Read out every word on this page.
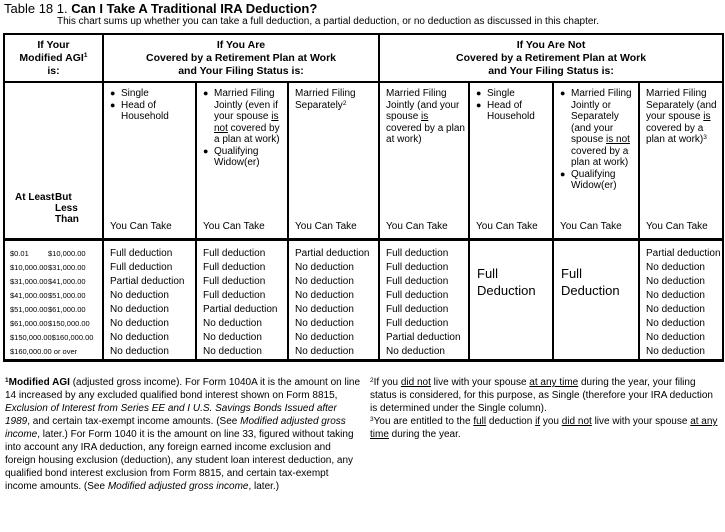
Table 18 1. Can I Take A Traditional IRA Deduction?
This chart sums up whether you can take a full deduction, a partial deduction, or no deduction as discussed in this chapter.
If Your
Modified AGI$^1$
is:

If You Are
Covered by a Retirement Plan at Work
and Your Filing Status is:

If You Are Not
Covered by a Retirement Plan at Work
and Your Filing Status is:

At Least But Less Than

● Single
● Head of Household
You Can Take

● Married Filing Jointly (even if your spouse is not covered by a plan at work)
● Qualifying Widow(er)
You Can Take

Married Filing Separately$^2$
You Can Take

Married Filing Jointly (and your spouse is covered by a plan at work)
You Can Take

● Single
● Head of Household
You Can Take

● Married Filing Jointly or Separately (and your spouse is not covered by a plan at work)
● Qualifying Widow(er)
You Can Take

Married Filing Separately (and your spouse is covered by a plan at work)$^3$
You Can Take

$0.01 $10,000.00	Full deduction	Full deduction	Partial deduction	Full deduction	Full Deduction	Full Deduction	Partial deduction

$10,000.00 $31,000.00	Full deduction	Full deduction	No deduction	Full deduction			No deduction

$31,000.00 $41,000.00	Partial deduction	Full deduction	No deduction	Full deduction			No deduction

$41,000.00 $51,000.00	No deduction	Full deduction	No deduction	Full deduction			No deduction

$51,000.00 $61,000.00	No deduction	Partial deduction	No deduction	Full deduction			No deduction

$61,000.00 $150,000.00	No deduction	No deduction	No deduction	Full deduction			No deduction

$150,000.00 $160,000.00	No deduction	No deduction	No deduction	Partial deduction			No deduction

$160,000.00 or over	No deduction	No deduction	No deduction	No deduction			No deduction
$^1$Modified AGI (adjusted gross income). For Form 1040A it is the amount on line 14 increased by any excluded qualified bond interest shown on Form 8815, Exclusion of Interest from Series EE and I U.S. Savings Bonds Issued after 1989, and certain tax-exempt income amounts. (See Modified adjusted gross income, later.) For Form 1040 it is the amount on line 33, figured without taking into account any IRA deduction, any foreign earned income exclusion and foreign housing exclusion (deduction), any student loan interest deduction, any qualified bond interest exclusion from Form 8815, and certain tax-exempt income amounts. (See Modified adjusted gross income, later.)
$^2$If you did not live with your spouse at any time during the year, your filing status is considered, for this purpose, as Single (therefore your IRA deduction is determined under the Single column).
$^3$You are entitled to the full deduction if you did not live with your spouse at any time during the year.
